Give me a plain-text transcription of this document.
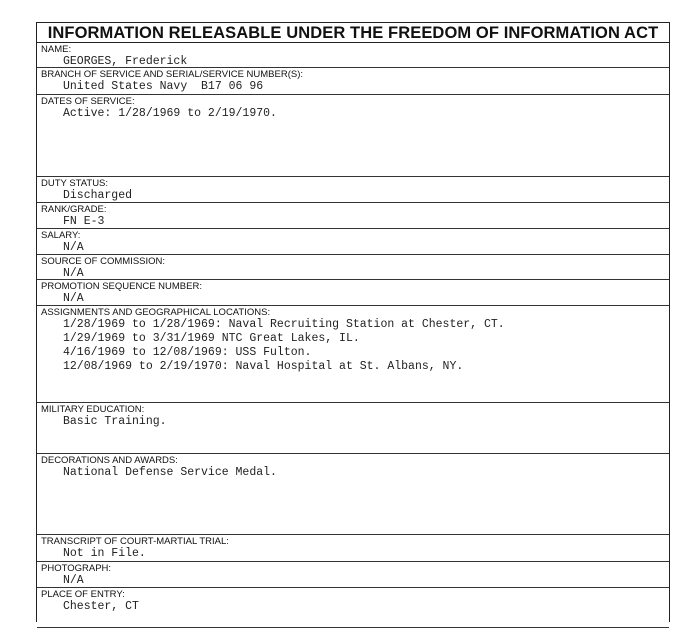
INFORMATION RELEASABLE UNDER THE FREEDOM OF INFORMATION ACT
NAME:
GEORGES, Frederick
BRANCH OF SERVICE AND SERIAL/SERVICE NUMBER(S):
United States Navy  B17 06 96
DATES OF SERVICE:
Active: 1/28/1969 to 2/19/1970.
DUTY STATUS:
Discharged
RANK/GRADE:
FN E-3
SALARY:
N/A
SOURCE OF COMMISSION:
N/A
PROMOTION SEQUENCE NUMBER:
N/A
ASSIGNMENTS AND GEOGRAPHICAL LOCATIONS:
1/28/1969 to 1/28/1969: Naval Recruiting Station at Chester, CT.
1/29/1969 to 3/31/1969 NTC Great Lakes, IL.
4/16/1969 to 12/08/1969: USS Fulton.
12/08/1969 to 2/19/1970: Naval Hospital at St. Albans, NY.
MILITARY EDUCATION:
Basic Training.
DECORATIONS AND AWARDS:
National Defense Service Medal.
TRANSCRIPT OF COURT-MARTIAL TRIAL:
Not in File.
PHOTOGRAPH:
N/A
PLACE OF ENTRY:
Chester, CT
